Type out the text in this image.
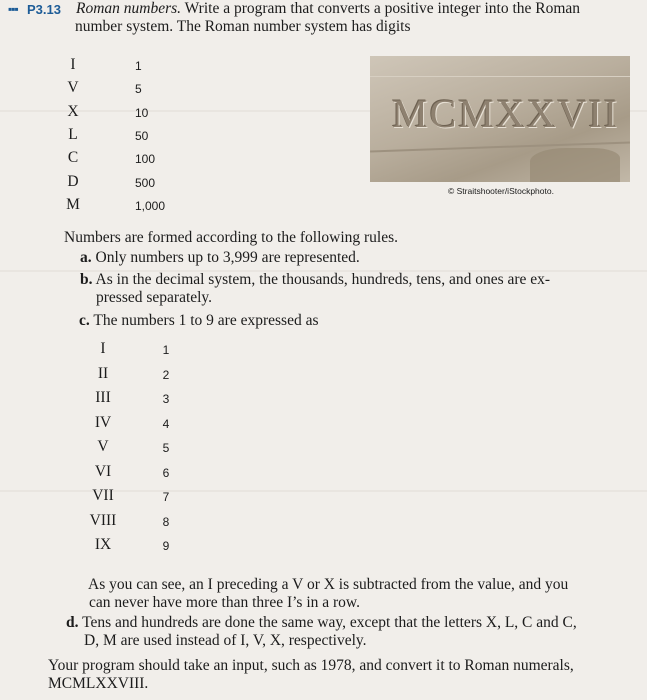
▪▪▪ P3.13 Roman numbers. Write a program that converts a positive integer into the Roman
number system. The Roman number system has digits
I	1
V	5
X	10
L	50
C	100
D	500
M	1,000
MCMXXVII
© Straitshooter/iStockphoto.
Numbers are formed according to the following rules.
a. Only numbers up to 3,999 are represented.
b. As in the decimal system, the thousands, hundreds, tens, and ones are ex-
pressed separately.
c. The numbers 1 to 9 are expressed as
I	1
II	2
III	3
IV	4
V	5
VI	6
VII	7
VIII	8
IX	9
As you can see, an I preceding a V or X is subtracted from the value, and you
can never have more than three I’s in a row.
d. Tens and hundreds are done the same way, except that the letters X, L, C and C,
D, M are used instead of I, V, X, respectively.
Your program should take an input, such as 1978, and convert it to Roman numerals,
MCMLXXVIII.
